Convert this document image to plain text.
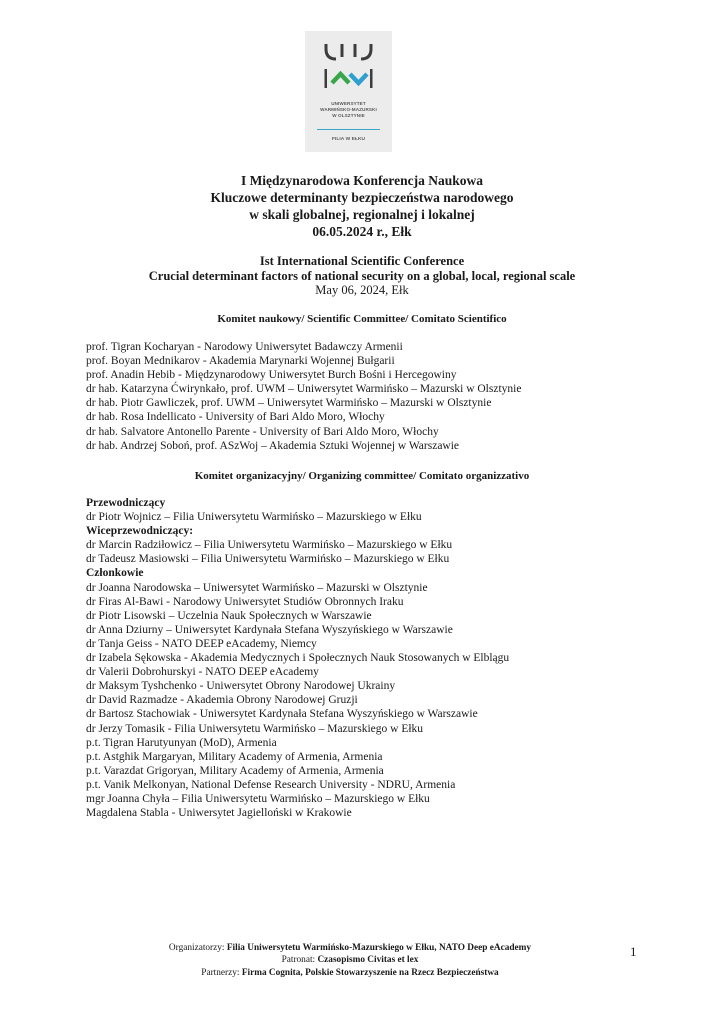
UNIWERSYTET
WARMIŃSKO-MAZURSKI
W OLSZTYNIE
FILIA W EŁKU
I Międzynarodowa Konferencja Naukowa
Kluczowe determinanty bezpieczeństwa narodowego
w skali globalnej, regionalnej i lokalnej
06.05.2024 r., Ełk
Ist International Scientific Conference
Crucial determinant factors of national security on a global, local, regional scale
May 06, 2024, Ełk
Komitet naukowy/ Scientific Committee/ Comitato Scientifico
prof. Tigran Kocharyan - Narodowy Uniwersytet Badawczy Armenii
prof. Boyan Mednikarov - Akademia Marynarki Wojennej Bułgarii
prof. Anadin Hebib - Międzynarodowy Uniwersytet Burch Bośni i Hercegowiny
dr hab. Katarzyna Ćwirynkało, prof. UWM – Uniwersytet Warmińsko – Mazurski w Olsztynie
dr hab. Piotr Gawliczek, prof. UWM – Uniwersytet Warmińsko – Mazurski w Olsztynie
dr hab. Rosa Indellicato - University of Bari Aldo Moro, Włochy
dr hab. Salvatore Antonello Parente - University of Bari Aldo Moro, Włochy
dr hab. Andrzej Soboń, prof. ASzWoj – Akademia Sztuki Wojennej w Warszawie
Komitet organizacyjny/ Organizing committee/ Comitato organizzativo
Przewodniczący
dr Piotr Wojnicz – Filia Uniwersytetu Warmińsko – Mazurskiego w Ełku
Wiceprzewodniczący:
dr Marcin Radziłowicz – Filia Uniwersytetu Warmińsko – Mazurskiego w Ełku
dr Tadeusz Masiowski – Filia Uniwersytetu Warmińsko – Mazurskiego w Ełku
Członkowie
dr Joanna Narodowska – Uniwersytet Warmińsko – Mazurski w Olsztynie
dr Firas Al-Bawi - Narodowy Uniwersytet Studiów Obronnych Iraku
dr Piotr Lisowski – Uczelnia Nauk Społecznych w Warszawie
dr Anna Dziurny – Uniwersytet Kardynała Stefana Wyszyńskiego w Warszawie
dr Tanja Geiss - NATO DEEP eAcademy, Niemcy
dr Izabela Sękowska - Akademia Medycznych i Społecznych Nauk Stosowanych w Elblągu
dr Valerii Dobrohurskyi - NATO DEEP eAcademy
dr Maksym Tyshchenko - Uniwersytet Obrony Narodowej Ukrainy
dr David Razmadze - Akademia Obrony Narodowej Gruzji
dr Bartosz Stachowiak - Uniwersytet Kardynała Stefana Wyszyńskiego w Warszawie
dr Jerzy Tomasik - Filia Uniwersytetu Warmińsko – Mazurskiego w Ełku
p.t. Tigran Harutyunyan (MoD), Armenia
p.t. Astghik Margaryan, Military Academy of Armenia, Armenia
p.t. Varazdat Grigoryan, Military Academy of Armenia, Armenia
p.t. Vanik Melkonyan, National Defense Research University - NDRU, Armenia
mgr Joanna Chyła – Filia Uniwersytetu Warmińsko – Mazurskiego w Ełku
Magdalena Stabla - Uniwersytet Jagielloński w Krakowie
Organizatorzy: Filia Uniwersytetu Warmińsko-Mazurskiego w Ełku, NATO Deep eAcademy
Patronat: Czasopismo Civitas et lex
Partnerzy: Firma Cognita, Polskie Stowarzyszenie na Rzecz Bezpieczeństwa
1
